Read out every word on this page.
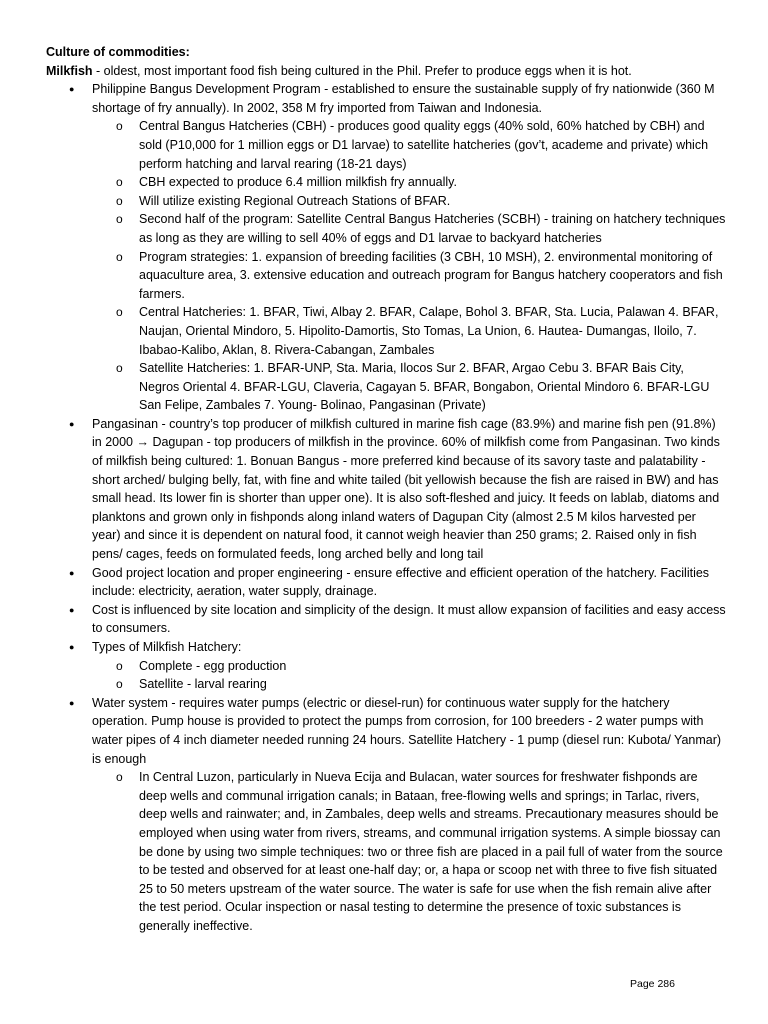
Culture of commodities:
Milkfish - oldest, most important food fish being cultured in the Phil. Prefer to produce eggs when it is hot.
● Philippine Bangus Development Program - established to ensure the sustainable supply of fry nationwide (360 M shortage of fry annually). In 2002, 358 M fry imported from Taiwan and Indonesia.
o Central Bangus Hatcheries (CBH) - produces good quality eggs (40% sold, 60% hatched by CBH) and sold (P10,000 for 1 million eggs or D1 larvae) to satellite hatcheries (gov’t, academe and private) which perform hatching and larval rearing (18-21 days)
o CBH expected to produce 6.4 million milkfish fry annually.
o Will utilize existing Regional Outreach Stations of BFAR.
o Second half of the program: Satellite Central Bangus Hatcheries (SCBH) - training on hatchery techniques as long as they are willing to sell 40% of eggs and D1 larvae to backyard hatcheries
o Program strategies: 1. expansion of breeding facilities (3 CBH, 10 MSH), 2. environmental monitoring of aquaculture area, 3. extensive education and outreach program for Bangus hatchery cooperators and fish farmers.
o Central Hatcheries: 1. BFAR, Tiwi, Albay 2. BFAR, Calape, Bohol 3. BFAR, Sta. Lucia, Palawan 4. BFAR, Naujan, Oriental Mindoro, 5. Hipolito-Damortis, Sto Tomas, La Union, 6. Hautea- Dumangas, Iloilo, 7. Ibabao-Kalibo, Aklan, 8. Rivera-Cabangan, Zambales
o Satellite Hatcheries: 1. BFAR-UNP, Sta. Maria, Ilocos Sur 2. BFAR, Argao Cebu 3. BFAR Bais City, Negros Oriental 4. BFAR-LGU, Claveria, Cagayan 5. BFAR, Bongabon, Oriental Mindoro 6. BFAR-LGU San Felipe, Zambales 7. Young- Bolinao, Pangasinan (Private)
● Pangasinan - country’s top producer of milkfish cultured in marine fish cage (83.9%) and marine fish pen (91.8%) in 2000 → Dagupan - top producers of milkfish in the province. 60% of milkfish come from Pangasinan. Two kinds of milkfish being cultured: 1. Bonuan Bangus - more preferred kind because of its savory taste and palatability - short arched/ bulging belly, fat, with fine and white tailed (bit yellowish because the fish are raised in BW) and has small head. Its lower fin is shorter than upper one). It is also soft-fleshed and juicy. It feeds on lablab, diatoms and planktons and grown only in fishponds along inland waters of Dagupan City (almost 2.5 M kilos harvested per year) and since it is dependent on natural food, it cannot weigh heavier than 250 grams; 2. Raised only in fish pens/ cages, feeds on formulated feeds, long arched belly and long tail
● Good project location and proper engineering - ensure effective and efficient operation of the hatchery. Facilities include: electricity, aeration, water supply, drainage.
● Cost is influenced by site location and simplicity of the design. It must allow expansion of facilities and easy access to consumers.
● Types of Milkfish Hatchery:
o Complete - egg production
o Satellite - larval rearing
● Water system - requires water pumps (electric or diesel-run) for continuous water supply for the hatchery operation. Pump house is provided to protect the pumps from corrosion, for 100 breeders - 2 water pumps with water pipes of 4 inch diameter needed running 24 hours. Satellite Hatchery - 1 pump (diesel run: Kubota/ Yanmar) is enough
o In Central Luzon, particularly in Nueva Ecija and Bulacan, water sources for freshwater fishponds are deep wells and communal irrigation canals; in Bataan, free-flowing wells and springs; in Tarlac, rivers, deep wells and rainwater; and, in Zambales, deep wells and streams. Precautionary measures should be employed when using water from rivers, streams, and communal irrigation systems. A simple biossay can be done by using two simple techniques: two or three fish are placed in a pail full of water from the source to be tested and observed for at least one-half day; or, a hapa or scoop net with three to five fish situated 25 to 50 meters upstream of the water source. The water is safe for use when the fish remain alive after the test period. Ocular inspection or nasal testing to determine the presence of toxic substances is generally ineffective.
Page 286
